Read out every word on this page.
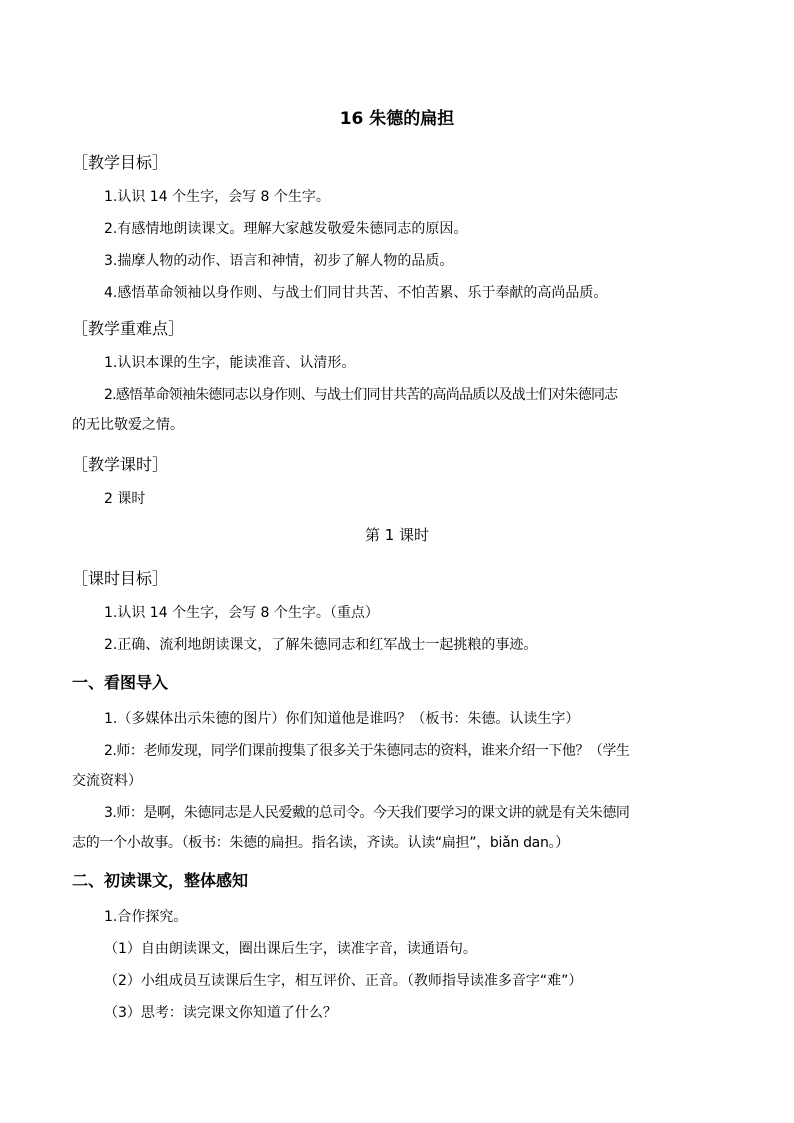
16 朱德的扁担
［教学目标］
1.认识 14 个生字，会写 8 个生字。
2.有感情地朗读课文。理解大家越发敬爱朱德同志的原因。
3.揣摩人物的动作、语言和神情，初步了解人物的品质。
4.感悟革命领袖以身作则、与战士们同甘共苦、不怕苦累、乐于奉献的高尚品质。
［教学重难点］
1.认识本课的生字，能读准音、认清形。
2.感悟革命领袖朱德同志以身作则、与战士们同甘共苦的高尚品质以及战士们对朱德同志
的无比敬爱之情。
［教学课时］
2 课时
第 1 课时
［课时目标］
1.认识 14 个生字，会写 8 个生字。（重点）
2.正确、流利地朗读课文，了解朱德同志和红军战士一起挑粮的事迹。
一、看图导入
1.（多媒体出示朱德的图片）你们知道他是谁吗？（板书：朱德。认读生字）
2.师：老师发现，同学们课前搜集了很多关于朱德同志的资料，谁来介绍一下他？（学生
交流资料）
3.师：是啊，朱德同志是人民爱戴的总司令。今天我们要学习的课文讲的就是有关朱德同
志的一个小故事。（板书：朱德的扁担。指名读，齐读。认读“扁担”，biǎn dan。）
二、初读课文，整体感知
1.合作探究。
（1）自由朗读课文，圈出课后生字，读准字音，读通语句。
（2）小组成员互读课后生字，相互评价、正音。（教师指导读准多音字“难”）
（3）思考：读完课文你知道了什么？
